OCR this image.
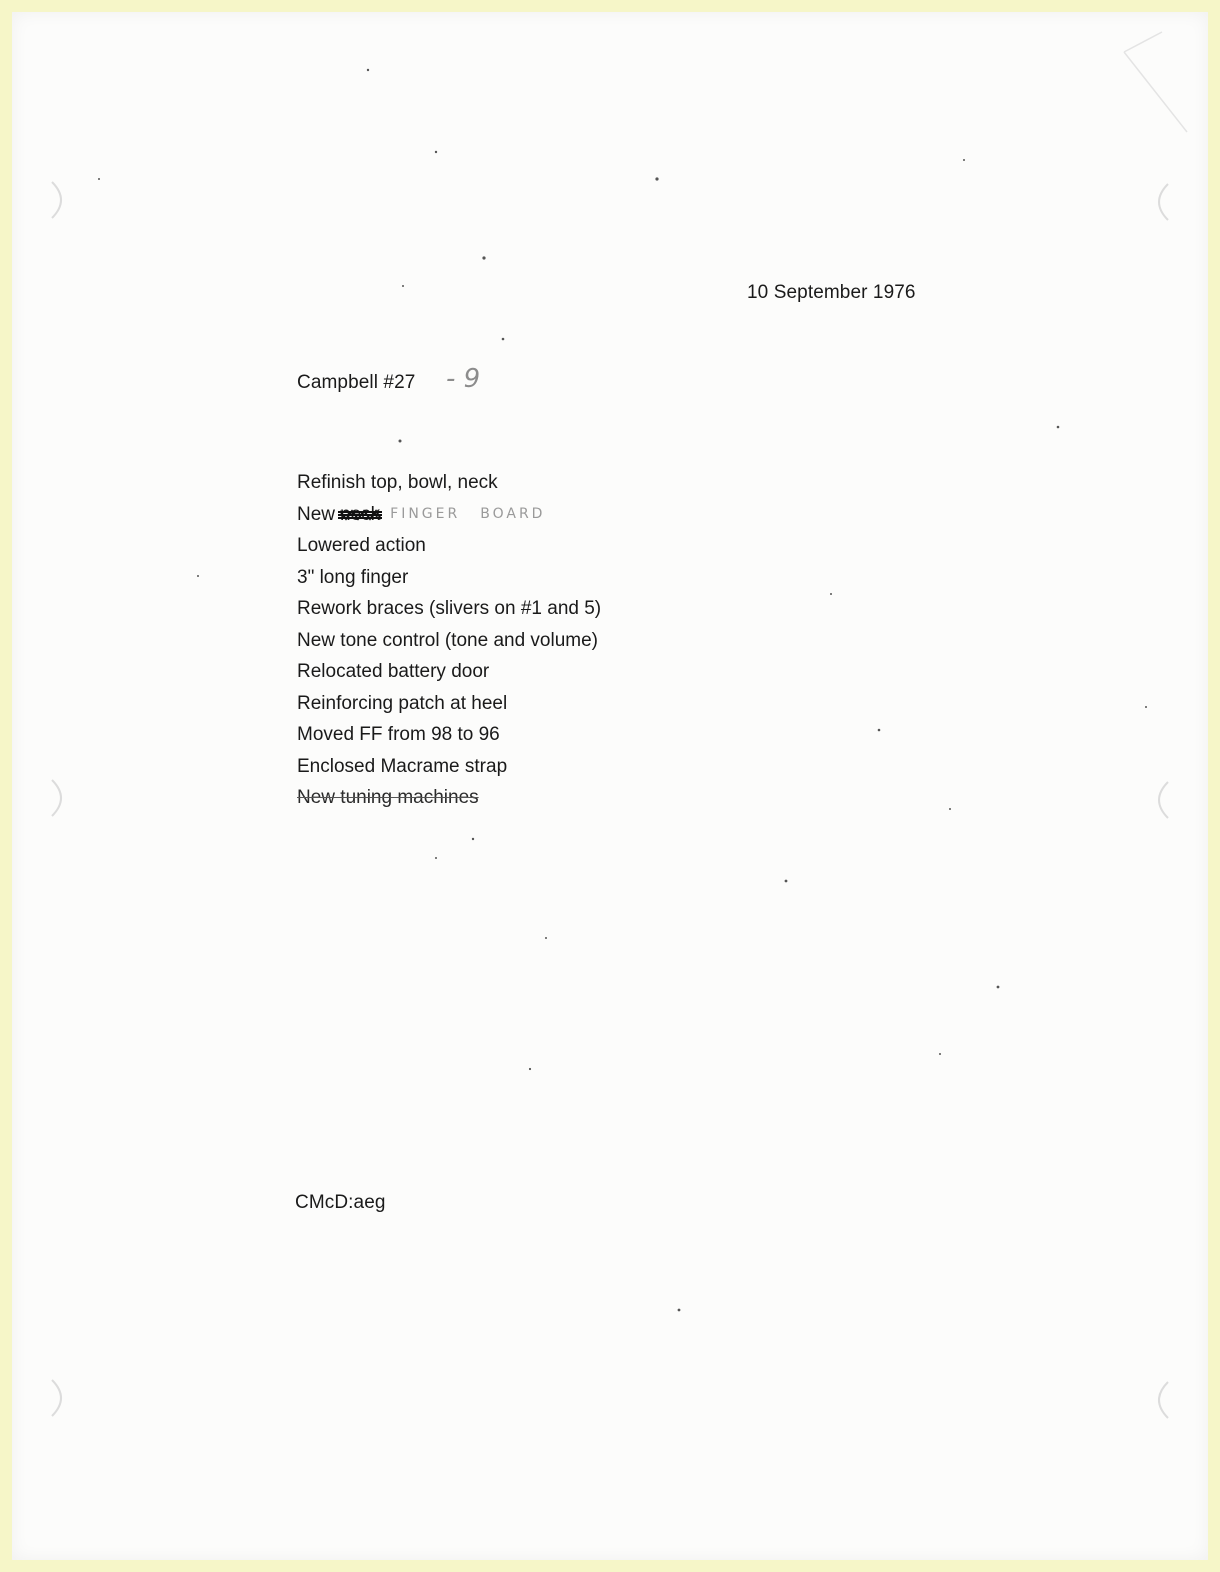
10 September 1976
Campbell #27 - 9
Refinish top, bowl, neck
New neck FINGER BOARD
Lowered action
3" long finger
Rework braces (slivers on #1 and 5)
New tone control (tone and volume)
Relocated battery door
Reinforcing patch at heel
Moved FF from 98 to 96
Enclosed Macrame strap
New tuning machines
CMcD:aeg
